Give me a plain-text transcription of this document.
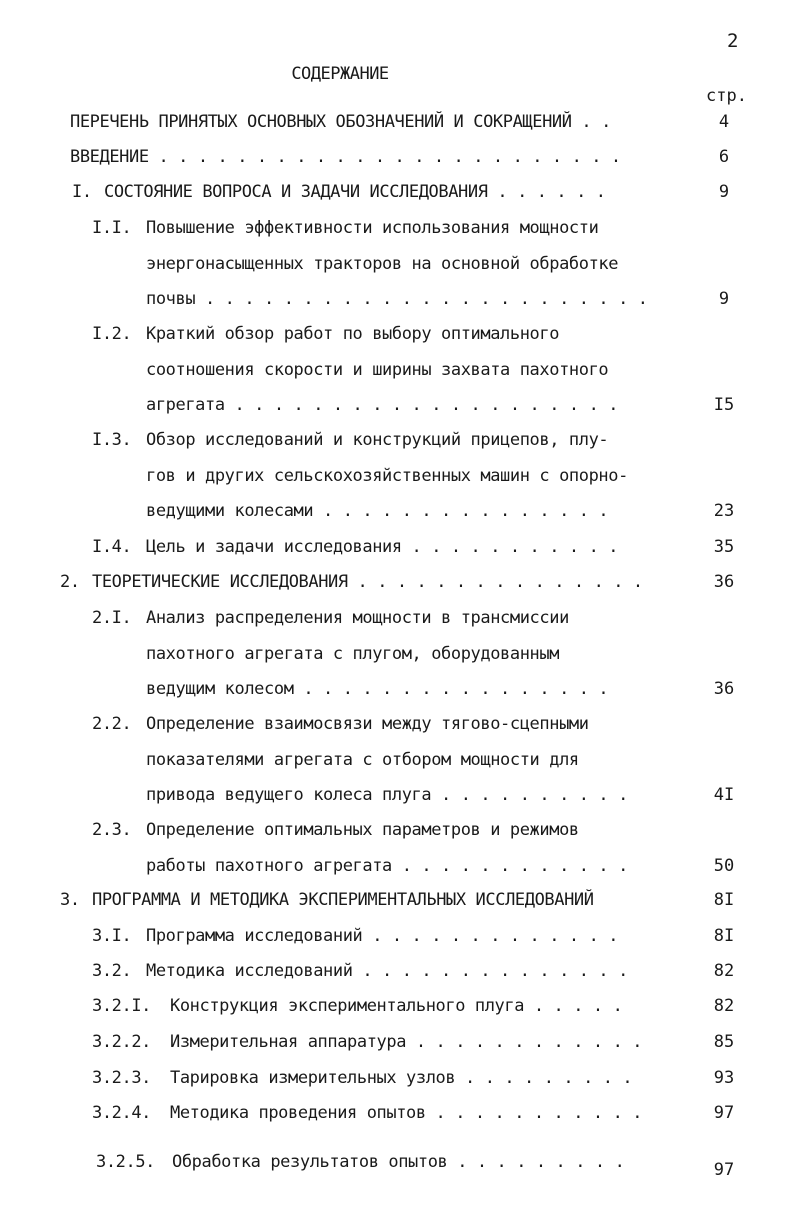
2
СОДЕРЖАНИЕ
стр.
ПЕРЕЧЕНЬ ПРИНЯТЫХ ОСНОВНЫХ ОБОЗНАЧЕНИЙ И СОКРАЩЕНИЙ . .	4
ВВЕДЕНИЕ . . . . . . . . . . . . . . . . . . . . . . . .	6
I. СОСТОЯНИЕ ВОПРОСА И ЗАДАЧИ ИССЛЕДОВАНИЯ . . . . . .	9
I.I. Повышение эффективности использования мощности
энергонасыщенных тракторов на основной обработке
почвы . . . . . . . . . . . . . . . . . . . . . . .	9
I.2. Краткий обзор работ по выбору оптимального
соотношения скорости и ширины захвата пахотного
агрегата . . . . . . . . . . . . . . . . . . . .	I5
I.3. Обзор исследований и конструкций прицепов, плу-
гов и других сельскохозяйственных машин с опорно-
ведущими колесами . . . . . . . . . . . . . . .	23
I.4. Цель и задачи исследования . . . . . . . . . . .	35
2. ТЕОРЕТИЧЕСКИЕ ИССЛЕДОВАНИЯ . . . . . . . . . . . . . . .	36
2.I. Анализ распределения мощности в трансмиссии
пахотного агрегата с плугом, оборудованным
ведущим колесом . . . . . . . . . . . . . . . .	36
2.2. Определение взаимосвязи между тягово-сцепными
показателями агрегата с отбором мощности для
привода ведущего колеса плуга . . . . . . . . . .	4I
2.3. Определение оптимальных параметров и режимов
работы пахотного агрегата . . . . . . . . . . . .	50
3. ПРОГРАММА И МЕТОДИКА ЭКСПЕРИМЕНТАЛЬНЫХ ИССЛЕДОВАНИЙ	8I
3.I. Программа исследований . . . . . . . . . . . . .	8I
3.2. Методика исследований . . . . . . . . . . . . . .	82
3.2.I. Конструкция экспериментального плуга . . . . .	82
3.2.2. Измерительная аппаратура . . . . . . . . . . . .	85
3.2.3. Тарировка измерительных узлов . . . . . . . . .	93
3.2.4. Методика проведения опытов . . . . . . . . . . .	97
3.2.5. Обработка результатов опытов . . . . . . . . .	97
